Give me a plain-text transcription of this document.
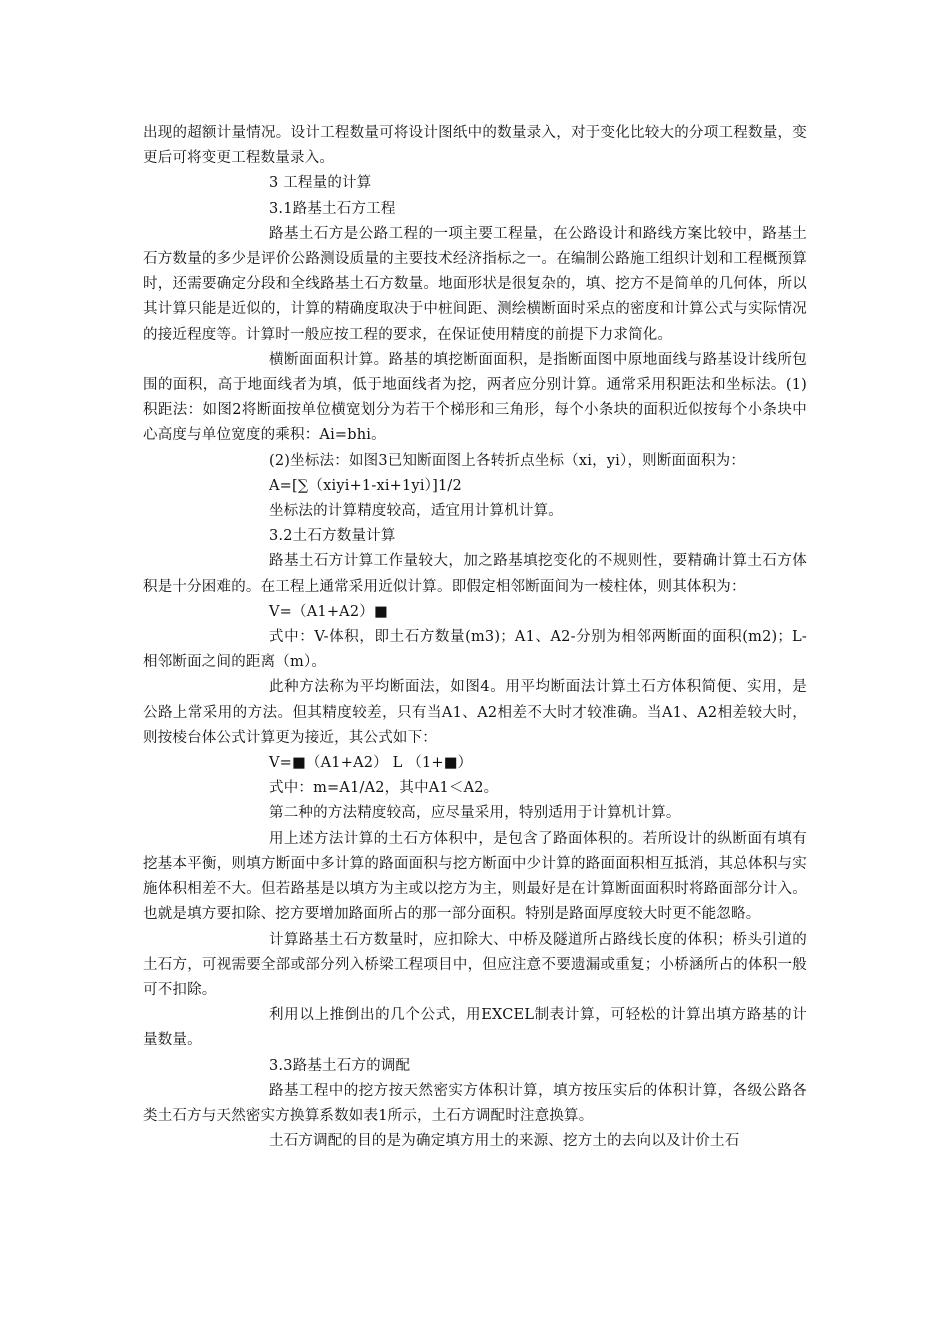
出现的超额计量情况。设计工程数量可将设计图纸中的数量录入，对于变化比较大的分项工程数量，变更后可将变更工程数量录入。

3 工程量的计算

3.1路基土石方工程

路基土石方是公路工程的一项主要工程量，在公路设计和路线方案比较中，路基土石方数量的多少是评价公路测设质量的主要技术经济指标之一。在编制公路施工组织计划和工程概预算时，还需要确定分段和全线路基土石方数量。地面形状是很复杂的，填、挖方不是简单的几何体，所以其计算只能是近似的，计算的精确度取决于中桩间距、测绘横断面时采点的密度和计算公式与实际情况的接近程度等。计算时一般应按工程的要求，在保证使用精度的前提下力求简化。

横断面面积计算。路基的填挖断面面积，是指断面图中原地面线与路基设计线所包围的面积，高于地面线者为填，低于地面线者为挖，两者应分别计算。通常采用积距法和坐标法。(1)积距法：如图2将断面按单位横宽划分为若干个梯形和三角形，每个小条块的面积近似按每个小条块中心高度与单位宽度的乘积：Ai=bhi。

(2)坐标法：如图3已知断面图上各转折点坐标（xi，yi），则断面面积为：

A=[∑（xiyi+1-xi+1yi）]1/2

坐标法的计算精度较高，适宜用计算机计算。

3.2土石方数量计算

路基土石方计算工作量较大，加之路基填挖变化的不规则性，要精确计算土石方体积是十分困难的。在工程上通常采用近似计算。即假定相邻断面间为一棱柱体，则其体积为：

V=（A1+A2）■

式中：V-体积，即土石方数量(m3)；A1、A2-分别为相邻两断面的面积(m2)；L-相邻断面之间的距离（m）。

此种方法称为平均断面法，如图4。用平均断面法计算土石方体积简便、实用，是公路上常采用的方法。但其精度较差，只有当A1、A2相差不大时才较准确。当A1、A2相差较大时，则按棱台体公式计算更为接近，其公式如下：

V=■（A1+A2） L （1+■）

式中：m=A1/A2，其中A1＜A2。

第二种的方法精度较高，应尽量采用，特别适用于计算机计算。

用上述方法计算的土石方体积中，是包含了路面体积的。若所设计的纵断面有填有挖基本平衡，则填方断面中多计算的路面面积与挖方断面中少计算的路面面积相互抵消，其总体积与实施体积相差不大。但若路基是以填方为主或以挖方为主，则最好是在计算断面面积时将路面部分计入。也就是填方要扣除、挖方要增加路面所占的那一部分面积。特别是路面厚度较大时更不能忽略。

计算路基土石方数量时，应扣除大、中桥及隧道所占路线长度的体积；桥头引道的土石方，可视需要全部或部分列入桥梁工程项目中，但应注意不要遗漏或重复；小桥涵所占的体积一般可不扣除。

利用以上推倒出的几个公式，用EXCEL制表计算，可轻松的计算出填方路基的计量数量。

3.3路基土石方的调配

路基工程中的挖方按天然密实方体积计算，填方按压实后的体积计算，各级公路各类土石方与天然密实方换算系数如表1所示，土石方调配时注意换算。

土石方调配的目的是为确定填方用土的来源、挖方土的去向以及计价土石
